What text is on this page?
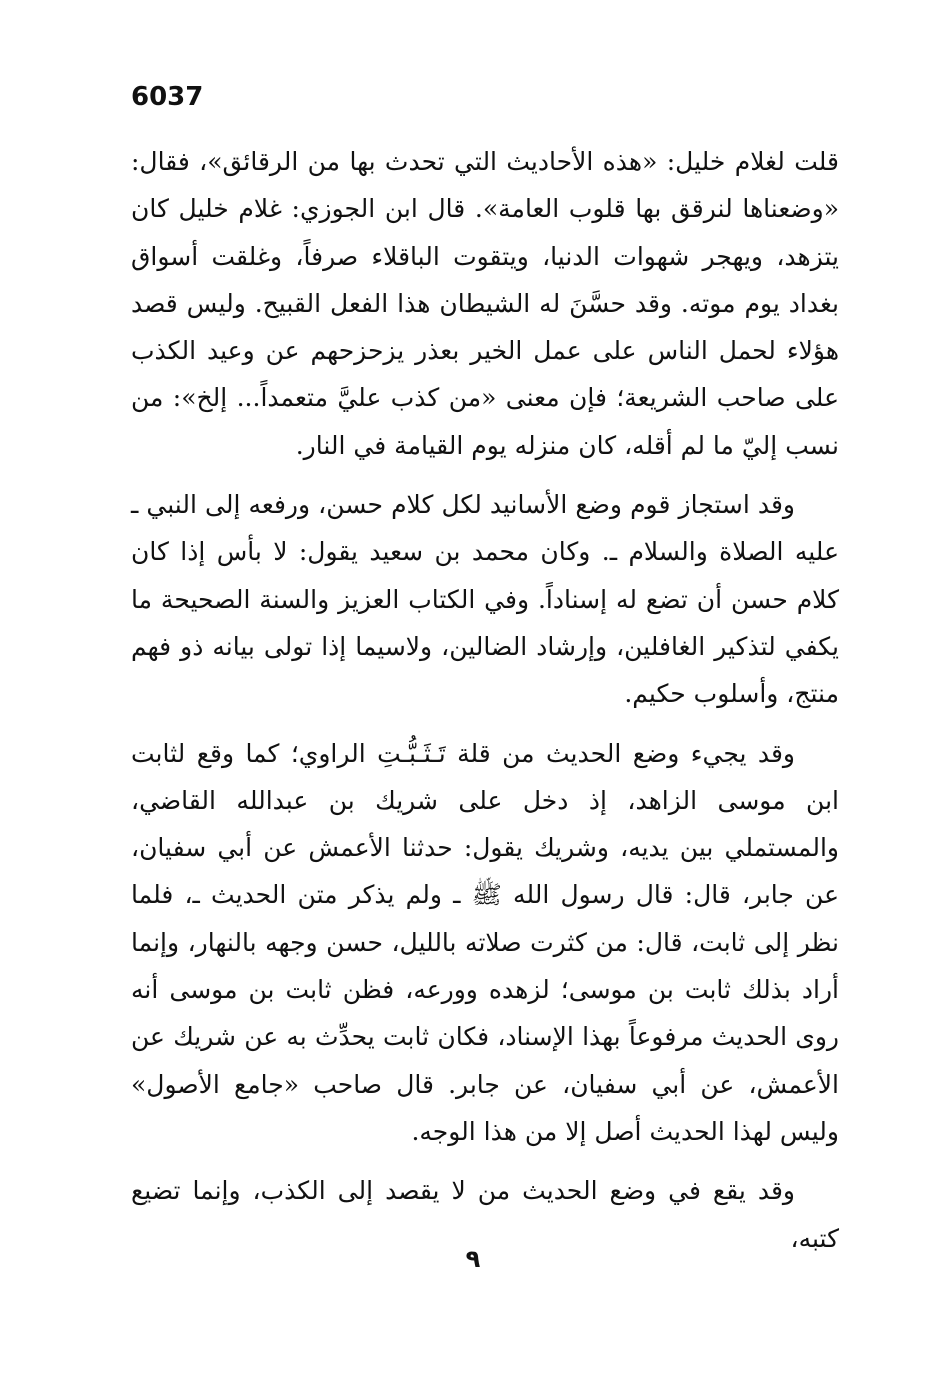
6037

قلت لغلام خليل: «هذه الأحاديث التي تحدث بها من الرقائق»، فقال: «وضعناها لنرقق بها قلوب العامة». قال ابن الجوزي: غلام خليل كان يتزهد، ويهجر شهوات الدنيا، ويتقوت الباقلاء صرفاً، وغلقت أسواق بغداد يوم موته. وقد حسَّنَ له الشيطان هذا الفعل القبيح. وليس قصد هؤلاء لحمل الناس على عمل الخير بعذر يزحزحهم عن وعيد الكذب على صاحب الشريعة؛ فإن معنى «من كذب عليَّ متعمداً... إلخ»: من نسب إليّ ما لم أقله، كان منزله يوم القيامة في النار.

وقد استجاز قوم وضع الأسانيد لكل كلام حسن، ورفعه إلى النبي ـ عليه الصلاة والسلام ـ. وكان محمد بن سعيد يقول: لا بأس إذا كان كلام حسن أن تضع له إسناداً. وفي الكتاب العزيز والسنة الصحيحة ما يكفي لتذكير الغافلين، وإرشاد الضالين، ولاسيما إذا تولى بيانه ذو فهم منتج، وأسلوب حكيم.

وقد يجيء وضع الحديث من قلة تَـثَـبُّـتِ الراوي؛ كما وقع لثابت ابن موسى الزاهد، إذ دخل على شريك بن عبدالله القاضي، والمستملي بين يديه، وشريك يقول: حدثنا الأعمش عن أبي سفيان، عن جابر، قال: قال رسول الله ﷺ ـ ولم يذكر متن الحديث ـ، فلما نظر إلى ثابت، قال: من كثرت صلاته بالليل، حسن وجهه بالنهار، وإنما أراد بذلك ثابت بن موسى؛ لزهده وورعه، فظن ثابت بن موسى أنه روى الحديث مرفوعاً بهذا الإسناد، فكان ثابت يحدِّث به عن شريك عن الأعمش، عن أبي سفيان، عن جابر. قال صاحب «جامع الأصول» وليس لهذا الحديث أصل إلا من هذا الوجه.

وقد يقع في وضع الحديث من لا يقصد إلى الكذب، وإنما تضيع كتبه،

٩
